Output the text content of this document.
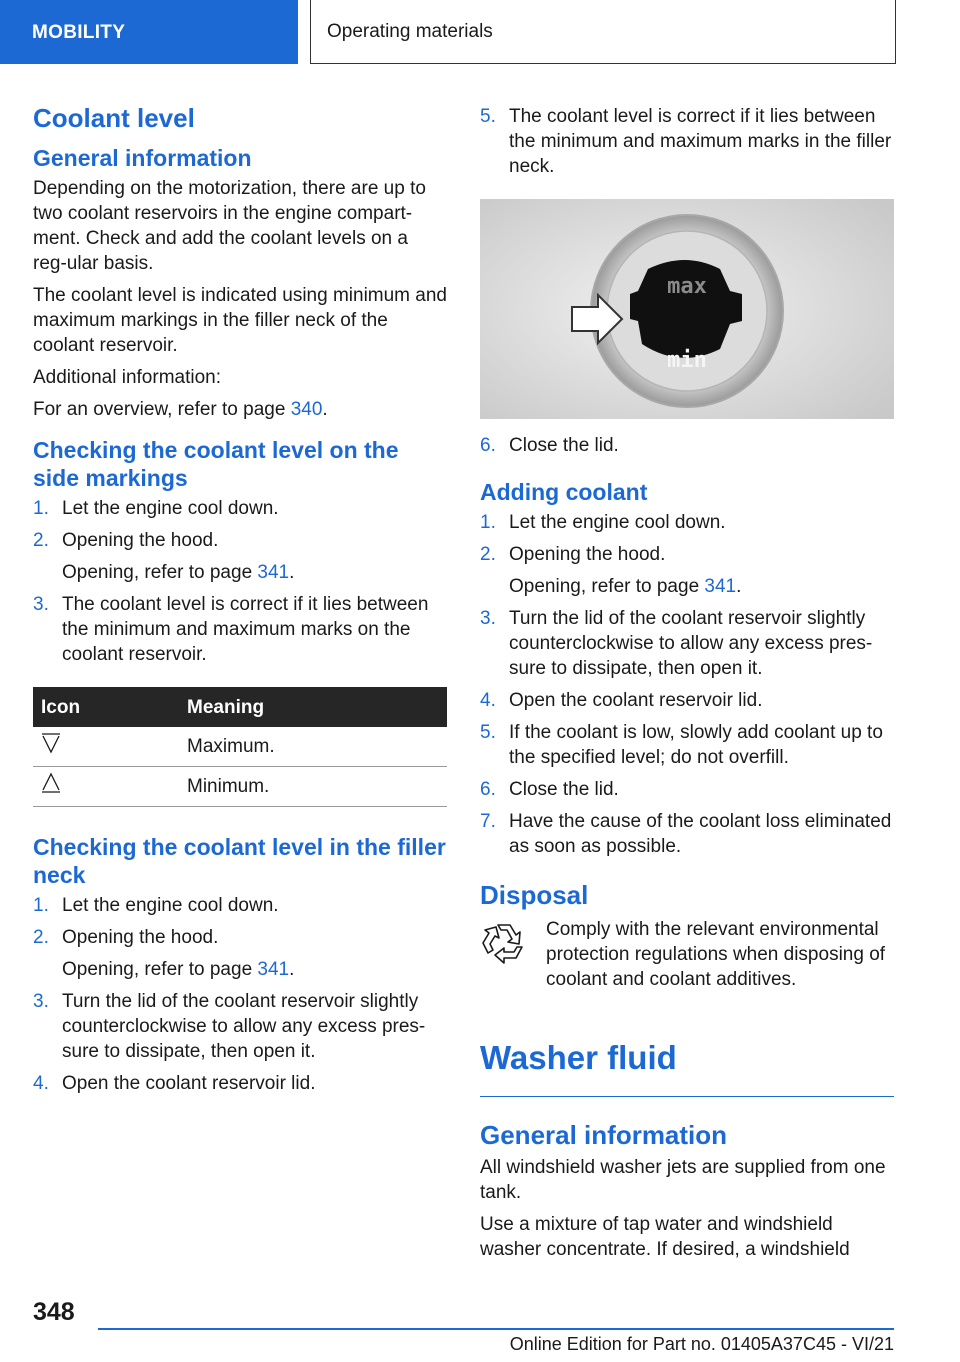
MOBILITY	Operating materials
Coolant level
General information

Depending on the motorization, there are up to two coolant reservoirs in the engine compart-ment. Check and add the coolant levels on a reg-ular basis.

The coolant level is indicated using minimum and maximum markings in the filler neck of the coolant reservoir.

Additional information:

For an overview, refer to page 340.

Checking the coolant level on the side markings
1. Let the engine cool down.
2. Opening the hood.
Opening, refer to page 341.
3. The coolant level is correct if it lies between the minimum and maximum marks on the coolant reservoir.
Icon	Meaning
	Maximum.
	Minimum.
Checking the coolant level in the filler neck
1. Let the engine cool down.
2. Opening the hood.
Opening, refer to page 341.
3. Turn the lid of the coolant reservoir slightly counterclockwise to allow any excess pres-sure to dissipate, then open it.
4. Open the coolant reservoir lid.
5. The coolant level is correct if it lies between the minimum and maximum marks in the filler neck.
max
min
6. Close the lid.
Adding coolant
1. Let the engine cool down.
2. Opening the hood.
Opening, refer to page 341.
3. Turn the lid of the coolant reservoir slightly counterclockwise to allow any excess pres-sure to dissipate, then open it.
4. Open the coolant reservoir lid.
5. If the coolant is low, slowly add coolant up to the specified level; do not overfill.
6. Close the lid.
7. Have the cause of the coolant loss eliminated as soon as possible.
Disposal
Comply with the relevant environmental protection regulations when disposing of coolant and coolant additives.
Washer fluid
General information

All windshield washer jets are supplied from one tank.

Use a mixture of tap water and windshield washer concentrate. If desired, a windshield

348
Online Edition for Part no. 01405A37C45 - VI/21
